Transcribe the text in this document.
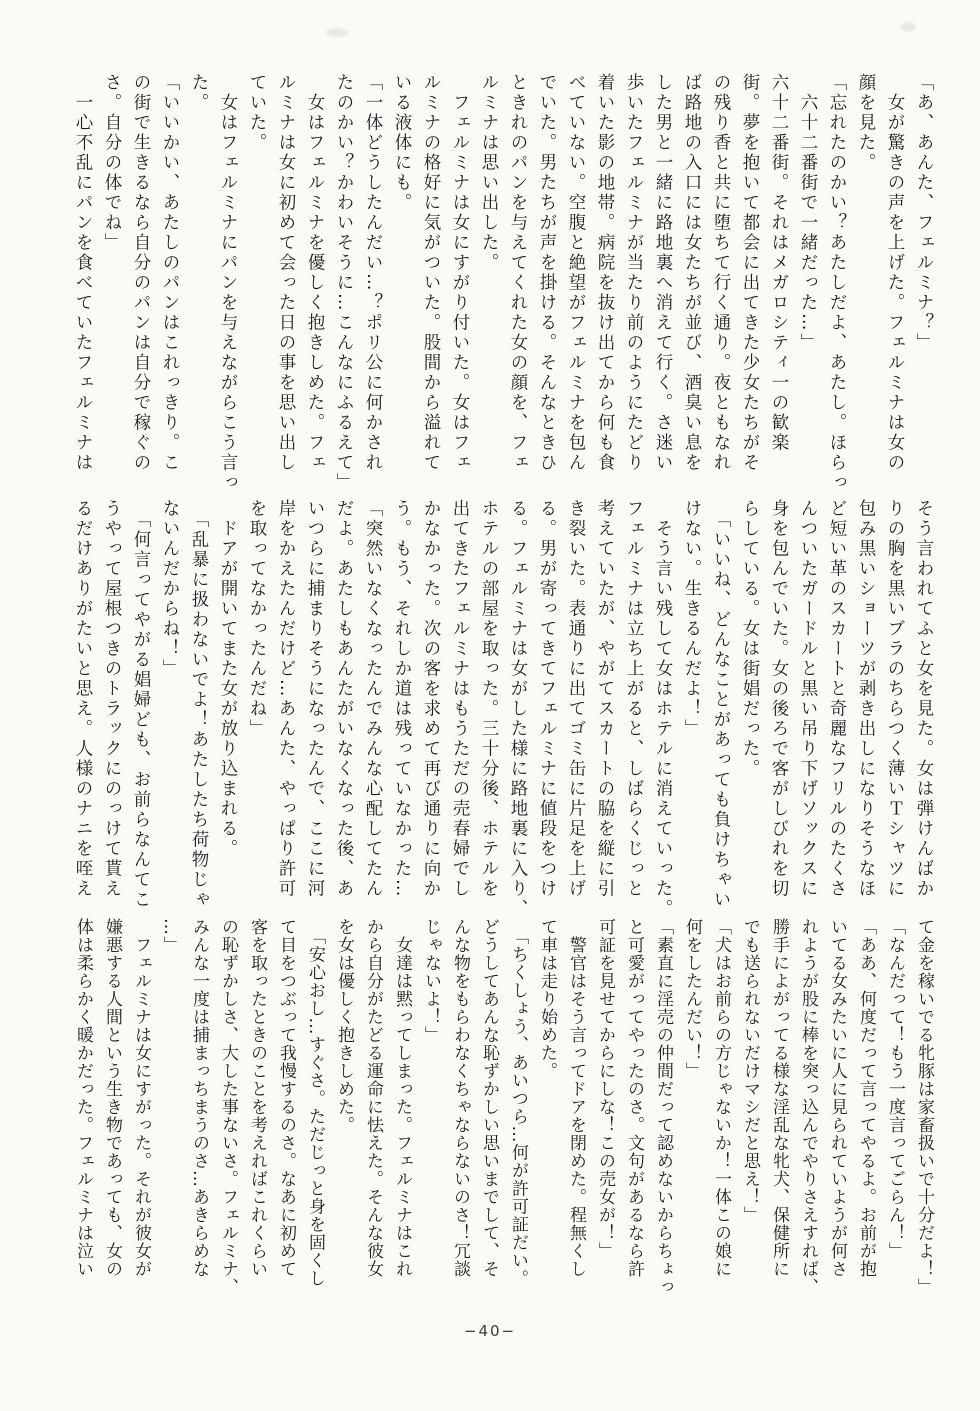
「あ、あんた、フェルミナ？」
　女が驚きの声を上げた。フェルミナは女の
顔を見た。
「忘れたのかい？あたしだよ、あたし。ほらっ
　六十二番街で一緒だった…」
六十二番街。それはメガロシティ一の歓楽
街。夢を抱いて都会に出てきた少女たちがそ
の残り香と共に堕ちて行く通り。夜ともなれ
ば路地の入口には女たちが並び、酒臭い息を
した男と一緒に路地裏へ消えて行く。さ迷い
歩いたフェルミナが当たり前のようにたどり
着いた影の地帯。病院を抜け出てから何も食
べていない。空腹と絶望がフェルミナを包ん
でいた。男たちが声を掛ける。そんなときひ
ときれのパンを与えてくれた女の顔を、フェ
ルミナは思い出した。
　フェルミナは女にすがり付いた。女はフェ
ルミナの格好に気がついた。股間から溢れて
いる液体にも。
「一体どうしたんだい…？ポリ公に何かされ
たのかい？かわいそうに…こんなにふるえて」
　女はフェルミナを優しく抱きしめた。フェ
ルミナは女に初めて会った日の事を思い出し
ていた。
　女はフェルミナにパンを与えながらこう言っ
た。
「いいかい、あたしのパンはこれっきり。こ
の街で生きるなら自分のパンは自分で稼ぐの
さ。自分の体でね」
　一心不乱にパンを食べていたフェルミナは
そう言われてふと女を見た。女は弾けんばか
りの胸を黒いブラのちらつく薄いＴシャツに
包み黒いショーツが剥き出しになりそうなほ
ど短い革のスカートと奇麗なフリルのたくさ
んついたガードルと黒い吊り下げソックスに
身を包んでいた。女の後ろで客がしびれを切
らしている。女は街娼だった。
　「いいね、どんなことがあっても負けちゃい
けない。生きるんだよ！」
　そう言い残して女はホテルに消えていった。
フェルミナは立ち上がると、しばらくじっと
考えていたが、やがてスカートの脇を縦に引
き裂いた。表通りに出てゴミ缶に片足を上げ
る。男が寄ってきてフェルミナに値段をつけ
る。フェルミナは女がした様に路地裏に入り、
ホテルの部屋を取った。三十分後、ホテルを
出てきたフェルミナはもうただの売春婦でし
かなかった。次の客を求めて再び通りに向か
う。もう、それしか道は残っていなかった…
「突然いなくなったんでみんな心配してたん
だよ。あたしもあんたがいなくなった後、あ
いつらに捕まりそうになったんで、ここに河
岸をかえたんだけど…あんた、やっぱり許可
を取ってなかったんだね」
　ドアが開いてまた女が放り込まれる。
　「乱暴に扱わないでよ！あたしたち荷物じゃ
ないんだからね！」
　「何言ってやがる娼婦ども、お前らなんてこ
うやって屋根つきのトラックにのっけて貰え
るだけありがたいと思え。人様のナニを咥え
て金を稼いでる牝豚は家畜扱いで十分だよ！」
「なんだって！もう一度言ってごらん！」
「ああ、何度だって言ってやるよ。お前が抱
いてる女みたいに人に見られていようが何さ
れようが股に棒を突っ込んでやりさえすれば、
勝手によがってる様な淫乱な牝犬、保健所に
でも送られないだけマシだと思え！」
「犬はお前らの方じゃないか！一体この娘に
何をしたんだい！」
「素直に淫売の仲間だって認めないからちょっ
と可愛がってやったのさ。文句があるなら許
可証を見せてからにしな！この売女が！」
　警官はそう言ってドアを閉めた。程無くし
て車は走り始めた。
　「ちくしょう、あいつら…何が許可証だい。
どうしてあんな恥ずかしい思いまでして、そ
んな物をもらわなくちゃならないのさ！冗談
じゃないよ！」
　女達は黙ってしまった。フェルミナはこれ
から自分がたどる運命に怯えた。そんな彼女
を女は優しく抱きしめた。
　「安心おし…すぐさ。ただじっと身を固くし
て目をつぶって我慢するのさ。なあに初めて
客を取ったときのことを考えればこれくらい
の恥ずかしさ、大した事ないさ。フェルミナ、
みんな一度は捕まっちまうのさ…あきらめな
…」
　フェルミナは女にすがった。それが彼女が
嫌悪する人間という生き物であっても、女の
体は柔らかく暖かだった。フェルミナは泣い
−40−
